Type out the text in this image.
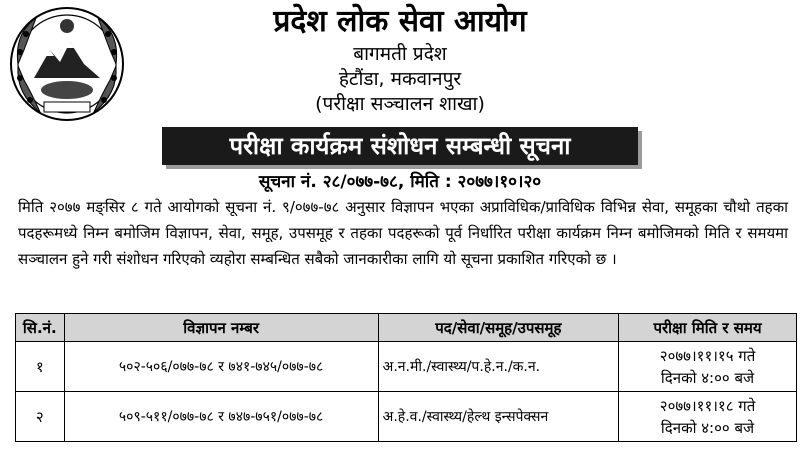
प्रदेश लोक सेवा आयोग
बागमती प्रदेश
हेटौंडा, मकवानपुर
(परीक्षा सञ्चालन शाखा)
परीक्षा कार्यक्रम संशोधन सम्बन्धी सूचना
सूचना नं. २८/०७७-७८, मिति : २०७७।१०।२०
मिति २०७७ मङ्सिर ८ गते आयोगको सूचना नं. ९/०७७-७८ अनुसार विज्ञापन भएका अप्राविधिक/प्राविधिक विभिन्न सेवा, समूहका चौथो तहका पदहरूमध्ये निम्न बमोजिम विज्ञापन, सेवा, समूह, उपसमूह र तहका पदहरूको पूर्व निर्धारित परीक्षा कार्यक्रम निम्न बमोजिमको मिति र समयमा सञ्चालन हुने गरी संशोधन गरिएको व्यहोरा सम्बन्धित सबैको जानकारीका लागि यो सूचना प्रकाशित गरिएको छ ।
सि.नं.	विज्ञापन नम्बर	पद/सेवा/समूह/उपसमूह	परीक्षा मिति र समय
१	५०२-५०६/०७७-७८ र ७४१-७४५/०७७-७८	अ.न.मी./स्वास्थ्य/प.हे.न./क.न.	२०७७।११।१५ गते
दिनको ४:०० बजे

२	५०९-५११/०७७-७८ र ७४७-७५१/०७७-७८	अ.हे.व./स्वास्थ्य/हेल्थ इन्सपेक्सन	२०७७।११।१८ गते
दिनको ४:०० बजे
